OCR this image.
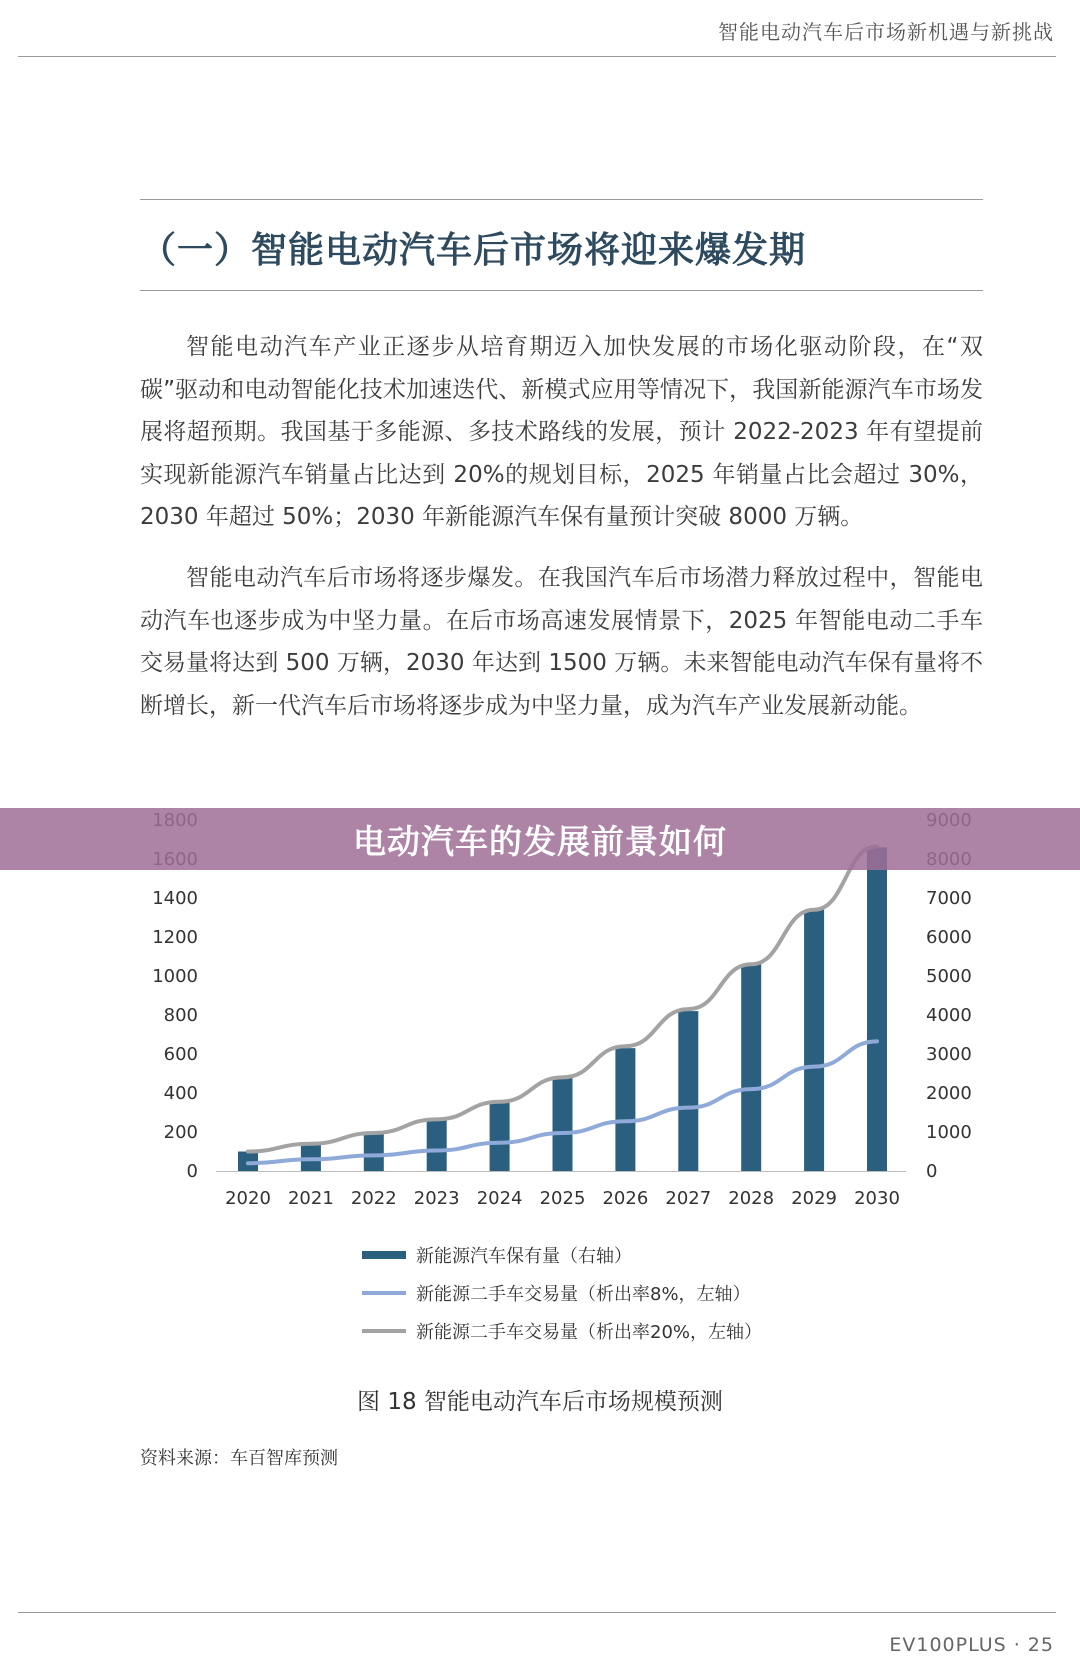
智能电动汽车后市场新机遇与新挑战
（一）智能电动汽车后市场将迎来爆发期

智能电动汽车产业正逐步从培育期迈入加快发展的市场化驱动阶段，在“双碳”驱动和电动智能化技术加速迭代、新模式应用等情况下，我国新能源汽车市场发展将超预期。我国基于多能源、多技术路线的发展，预计 2022-2023 年有望提前实现新能源汽车销量占比达到 20%的规划目标，2025 年销量占比会超过 30%，2030 年超过 50%；2030 年新能源汽车保有量预计突破 8000 万辆。

智能电动汽车后市场将逐步爆发。在我国汽车后市场潜力释放过程中，智能电动汽车也逐步成为中坚力量。在后市场高速发展情景下，2025 年智能电动二手车交易量将达到 500 万辆，2030 年达到 1500 万辆。未来智能电动汽车保有量将不断增长，新一代汽车后市场将逐步成为中坚力量，成为汽车产业发展新动能。

0
200
400
600
800
1000
1200
1400
0
1000
2000
3000
4000
5000
6000
7000
2020 2021 2022 2023 2024 2025 2026 2027 2028 2029 2030
电动汽车的发展前景如何
新能源汽车保有量（右轴）
新能源二手车交易量（析出率8%，左轴）
新能源二手车交易量（析出率20%，左轴）
图 18 智能电动汽车后市场规模预测
资料来源：车百智库预测
EV100PLUS · 25
